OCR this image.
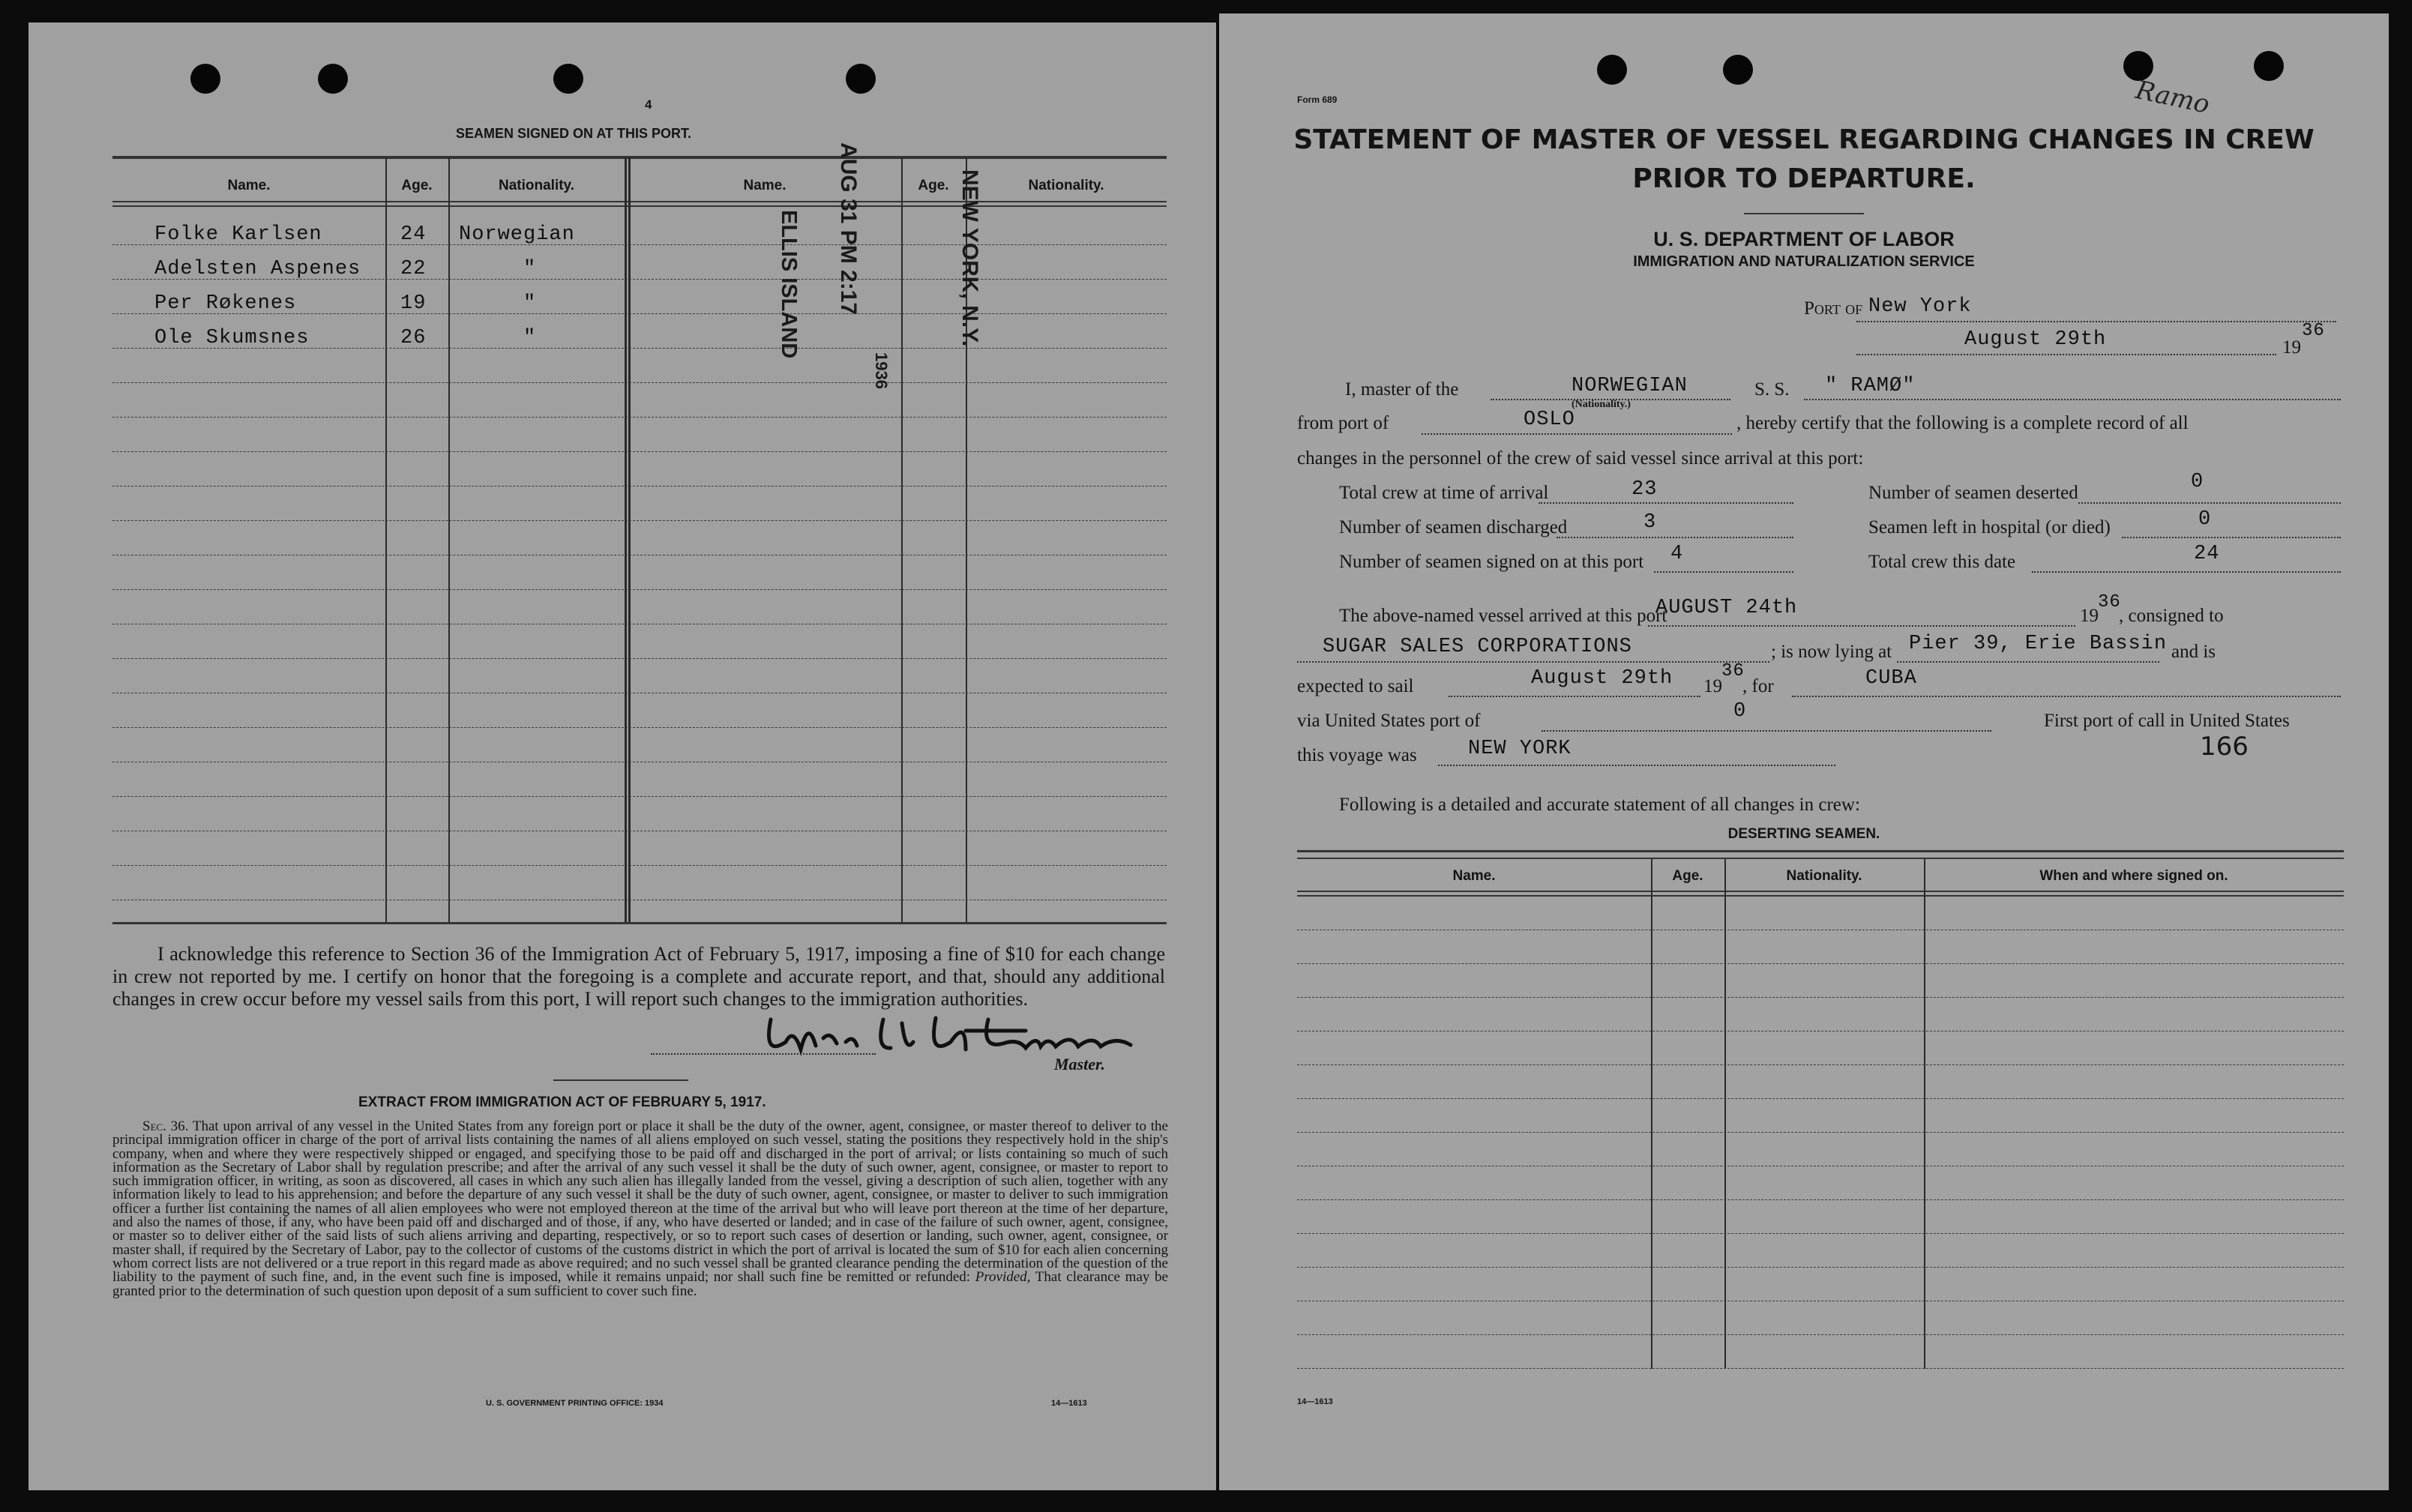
4
SEAMEN SIGNED ON AT THIS PORT.
Name.	Age.	Nationality.	Name.	Age.	Nationality.
Folke Karlsen	24 Norwegian
Adelsten Aspenes 22	"
Per Røkenes	19	"
Ole Skumsnes	26	"	ELLIS ISLAND AUG 31 PM 2:17
1936
NEW YORK, N.Y.
I acknowledge this reference to Section 36 of the Immigration Act of February 5, 1917, imposing a fine of $10 for each change in crew not reported by me. I certify on honor that the foregoing is a complete and accurate report, and that, should any additional changes in crew occur before my vessel sails from this port, I will report such changes to the immigration authorities.
Wm. H. Hansen	Master.
EXTRACT FROM IMMIGRATION ACT OF FEBRUARY 5, 1917.
Sec. 36. That upon arrival of any vessel in the United States from any foreign port or place it shall be the duty of the owner, agent, consignee, or master thereof to deliver to the principal immigration officer in charge of the port of arrival lists containing the names of all aliens employed on such vessel, stating the positions they respectively hold in the ship's company, when and where they were respectively shipped or engaged, and specifying those to be paid off and discharged in the port of arrival; or lists containing so much of such information as the Secretary of Labor shall by regulation prescribe; and after the arrival of any such vessel it shall be the duty of such owner, agent, consignee, or master to report to such immigration officer, in writing, as soon as discovered, all cases in which any such alien has illegally landed from the vessel, giving a description of such alien, together with any information likely to lead to his apprehension; and before the departure of any such vessel it shall be the duty of such owner, agent, consignee, or master to deliver to such immigration officer a further list containing the names of all alien employees who were not employed thereon at the time of the arrival but who will leave port thereon at the time of her departure, and also the names of those, if any, who have been paid off and discharged and of those, if any, who have deserted or landed; and in case of the failure of such owner, agent, consignee, or master so to deliver either of the said lists of such aliens arriving and departing, respectively, or so to report such cases of desertion or landing, such owner, agent, consignee, or master shall, if required by the Secretary of Labor, pay to the collector of customs of the customs district in which the port of arrival is located the sum of $10 for each alien concerning whom correct lists are not delivered or a true report in this regard made as above required; and no such vessel shall be granted clearance pending the determination of the question of the liability to the payment of such fine, and, in the event such fine is imposed, while it remains unpaid; nor shall such fine be remitted or refunded: Provided, That clearance may be granted prior to the determination of such question upon deposit of a sum sufficient to cover such fine.
U. S. GOVERNMENT PRINTING OFFICE: 1934	14—1613
Form 689	Ramo
STATEMENT OF MASTER OF VESSEL REGARDING CHANGES IN CREW
PRIOR TO DEPARTURE.
U. S. DEPARTMENT OF LABOR
IMMIGRATION AND NATURALIZATION SERVICE
Port of New York
August 29th	19
36
I, master of the	NORWEGIAN
(Nationality.)
S. S. " RAMØ"
from port of	OSLO	, hereby certify that the following is a complete record of all
changes in the personnel of the crew of said vessel since arrival at this port:
Total crew at time of arrival	23	Number of seamen deserted	0
Number of seamen discharged	3	Seamen left in hospital (or died)	0
Number of seamen signed on at this port 4	Total crew this date	24
The above-named vessel arrived at this port
AUGUST 24th	19
36
, consigned to
SUGAR SALES CORPORATIONS	; is now lying at Pier 39, Erie Bassin and is
expected to sail	August 29th 19
36
, for	CUBA
via United States port of	0	First port of call in United States
this voyage was	NEW YORK	166
Following is a detailed and accurate statement of all changes in crew:
DESERTING SEAMEN.
Name.	Age.	Nationality.	When and where signed on.
14—1613
